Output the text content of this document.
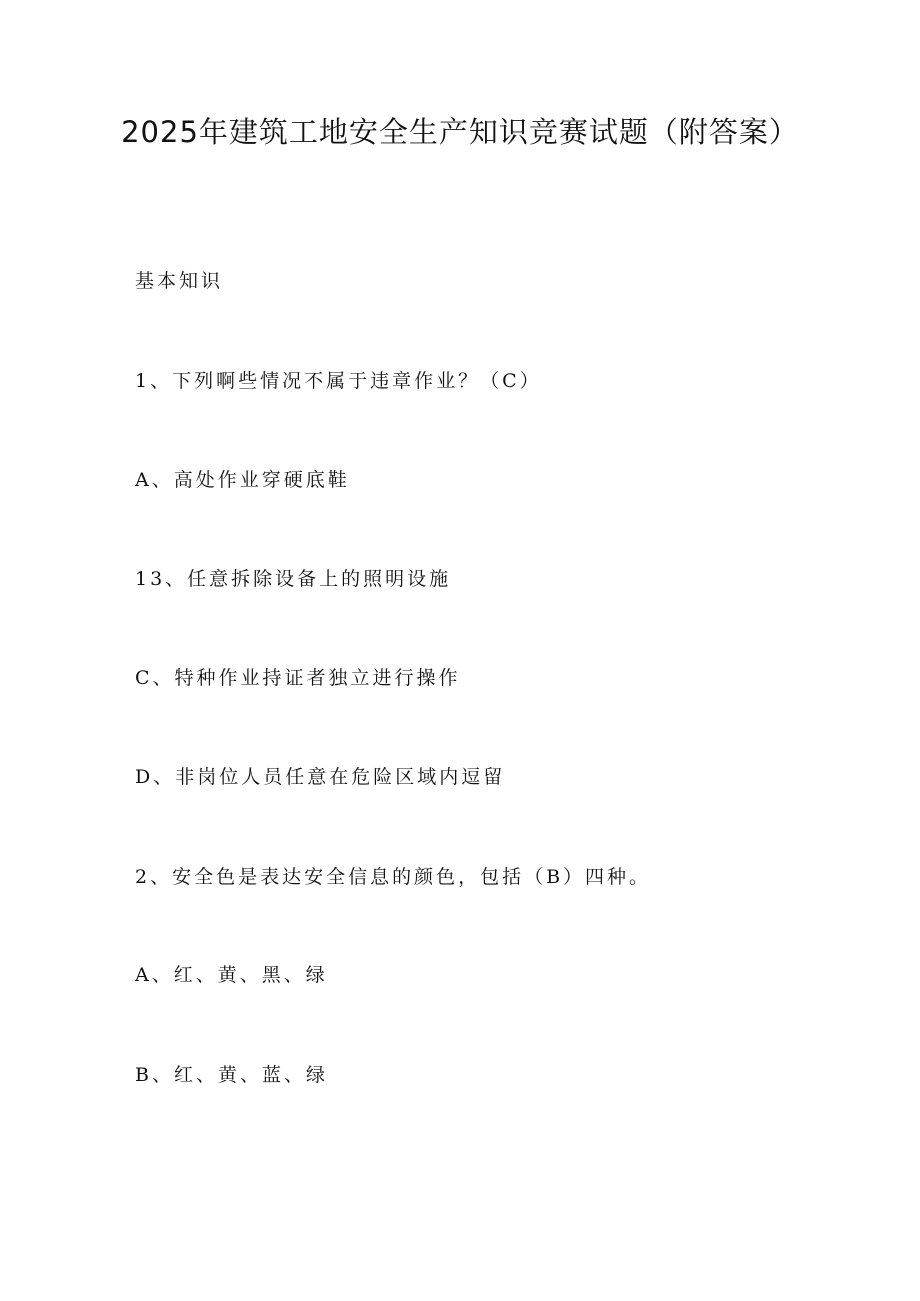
2025年建筑工地安全生产知识竞赛试题（附答案）
基本知识
1、下列啊些情况不属于违章作业？（C）
A、高处作业穿硬底鞋
13、任意拆除设备上的照明设施
C、特种作业持证者独立进行操作
D、非岗位人员任意在危险区域内逗留
2、安全色是表达安全信息的颜色，包括（B）四种。
A、红、黄、黑、绿
B、红、黄、蓝、绿
